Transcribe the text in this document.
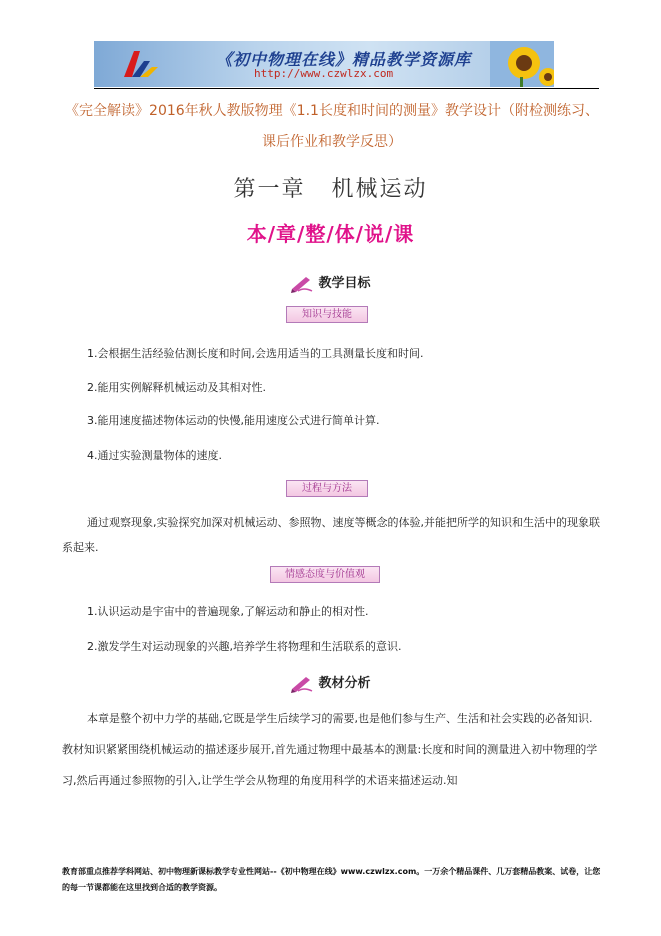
《初中物理在线》精品教学资源库
http://www.czwlzx.com
《完全解读》2016年秋人教版物理《1.1长度和时间的测量》教学设计（附检测练习、课后作业和教学反思）
第一章 机械运动
本/章/整/体/说/课
教学目标
知识与技能
1.会根据生活经验估测长度和时间,会选用适当的工具测量长度和时间.
2.能用实例解释机械运动及其相对性.
3.能用速度描述物体运动的快慢,能用速度公式进行简单计算.
4.通过实验测量物体的速度.
过程与方法
通过观察现象,实验探究加深对机械运动、参照物、速度等概念的体验,并能把所学的知识和生活中的现象联系起来.
情感态度与价值观
1.认识运动是宇宙中的普遍现象,了解运动和静止的相对性.
2.激发学生对运动现象的兴趣,培养学生将物理和生活联系的意识.
教材分析
本章是整个初中力学的基础,它既是学生后续学习的需要,也是他们参与生产、生活和社会实践的必备知识.教材知识紧紧围绕机械运动的描述逐步展开,首先通过物理中最基本的测量:长度和时间的测量进入初中物理的学习,然后再通过参照物的引入,让学生学会从物理的角度用科学的术语来描述运动.知
教育部重点推荐学科网站、初中物理新课标教学专业性网站--《初中物理在线》www.czwlzx.com。一万余个精品课件、几万套精品教案、试卷，让您的每一节课都能在这里找到合适的教学资源。
